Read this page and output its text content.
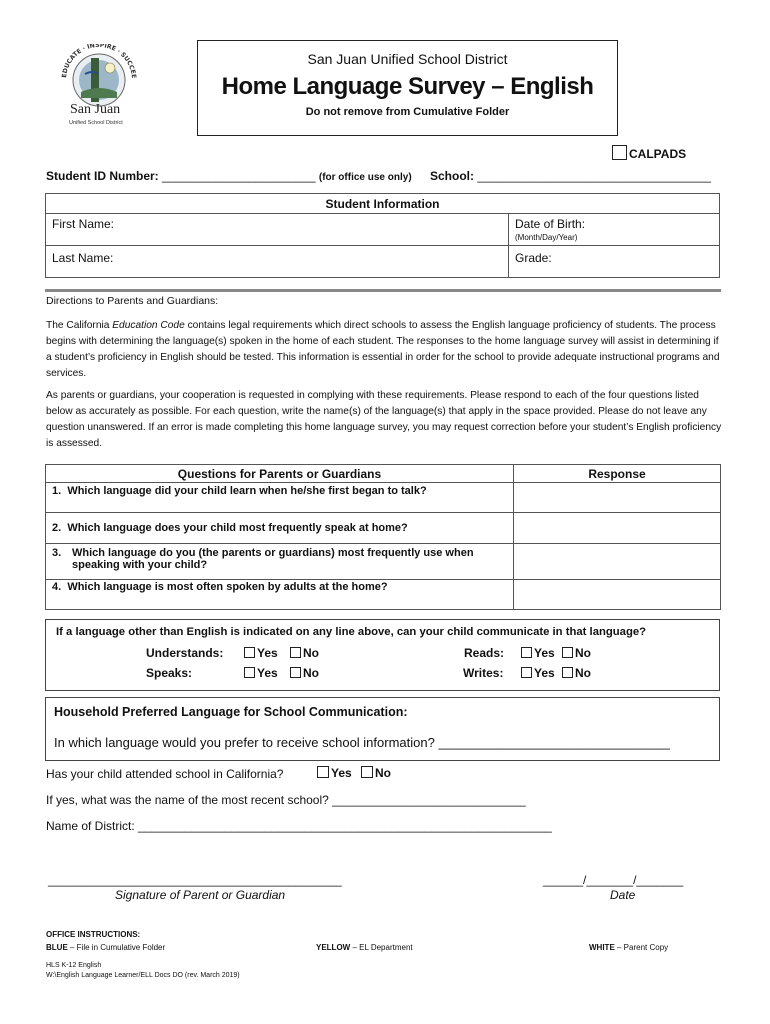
EDUCATE · INSPIRE · SUCCEE
San Juan
Unified School District
San Juan Unified School District
Home Language Survey – English
Do not remove from Cumulative Folder
CALPADS
Student ID Number: _______________________ (for office use only) School: ___________________________________
Student Information	
First Name:	Date of Birth:
(Month/Day/Year)

Last Name:	Grade:
Directions to Parents and Guardians:
The California Education Code contains legal requirements which direct schools to assess the English language proficiency of students. The process begins with determining the language(s) spoken in the home of each student. The responses to the home language survey will assist in determining if a student’s proficiency in English should be tested. This information is essential in order for the school to provide adequate instructional programs and services.
As parents or guardians, your cooperation is requested in complying with these requirements. Please respond to each of the four questions listed below as accurately as possible. For each question, write the name(s) of the language(s) that apply in the space provided. Please do not leave any question unanswered. If an error is made completing this home language survey, you may request correction before your student’s English proficiency is assessed.
Questions for Parents or Guardians	Response
1. Which language did your child learn when he/she first began to talk?	
2. Which language does your child most frequently speak at home?	

3. Which language do you (the parents or guardians) most frequently use when speaking with your child?	

4. Which language is most often spoken by adults at the home?	
If a language other than English is indicated on any line above, can your child communicate in that language?
Understands:	Yes	No	Reads:	Yes	No
Speaks:	Yes	No	Writes:	Yes	No
Household Preferred Language for School Communication:
In which language would you prefer to receive school information? ________________________________
Has your child attended school in California?	Yes	No
If yes, what was the name of the most recent school? _____________________________
Name of District: ______________________________________________________________
____________________________________________
Signature of Parent or Guardian
______/_______/_______
Date
OFFICE INSTRUCTIONS:
BLUE – File in Cumulative Folder	YELLOW – EL Department	WHITE – Parent Copy
HLS K-12 English
W:\English Language Learner/ELL Docs DO (rev. March 2019)
